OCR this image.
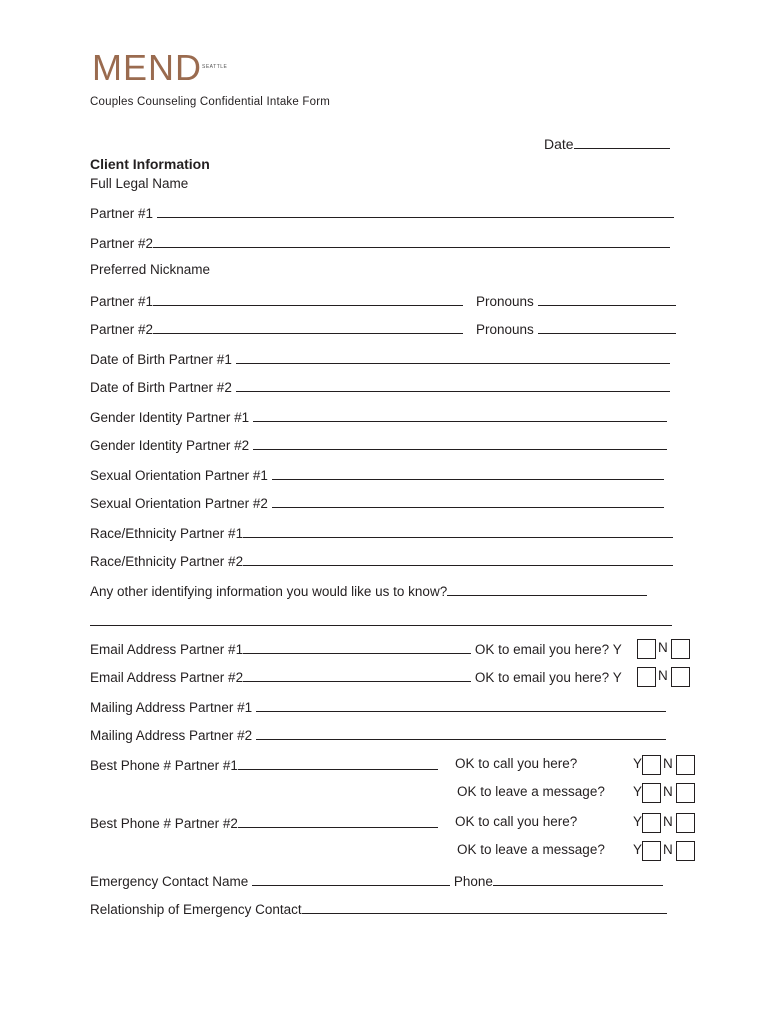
MEND SEATTLE
Couples Counseling Confidential Intake Form
Date
Client Information
Full Legal Name
Partner #1
Partner #2
Preferred Nickname
Partner #1	Pronouns
Partner #2	Pronouns
Date of Birth Partner #1
Date of Birth Partner #2
Gender Identity Partner #1
Gender Identity Partner #2
Sexual Orientation Partner #1
Sexual Orientation Partner #2
Race/Ethnicity Partner #1
Race/Ethnicity Partner #2
Any other identifying information you would like us to know?
Email Address Partner #1	OK to email you here? Y	N
Email Address Partner #2	OK to email you here? Y	N
Mailing Address Partner #1
Mailing Address Partner #2
Best Phone # Partner #1	OK to call you here?	Y N
OK to leave a message? Y N
Best Phone # Partner #2	OK to call you here?	Y N
OK to leave a message? Y N
Emergency Contact Name	Phone
Relationship of Emergency Contact
